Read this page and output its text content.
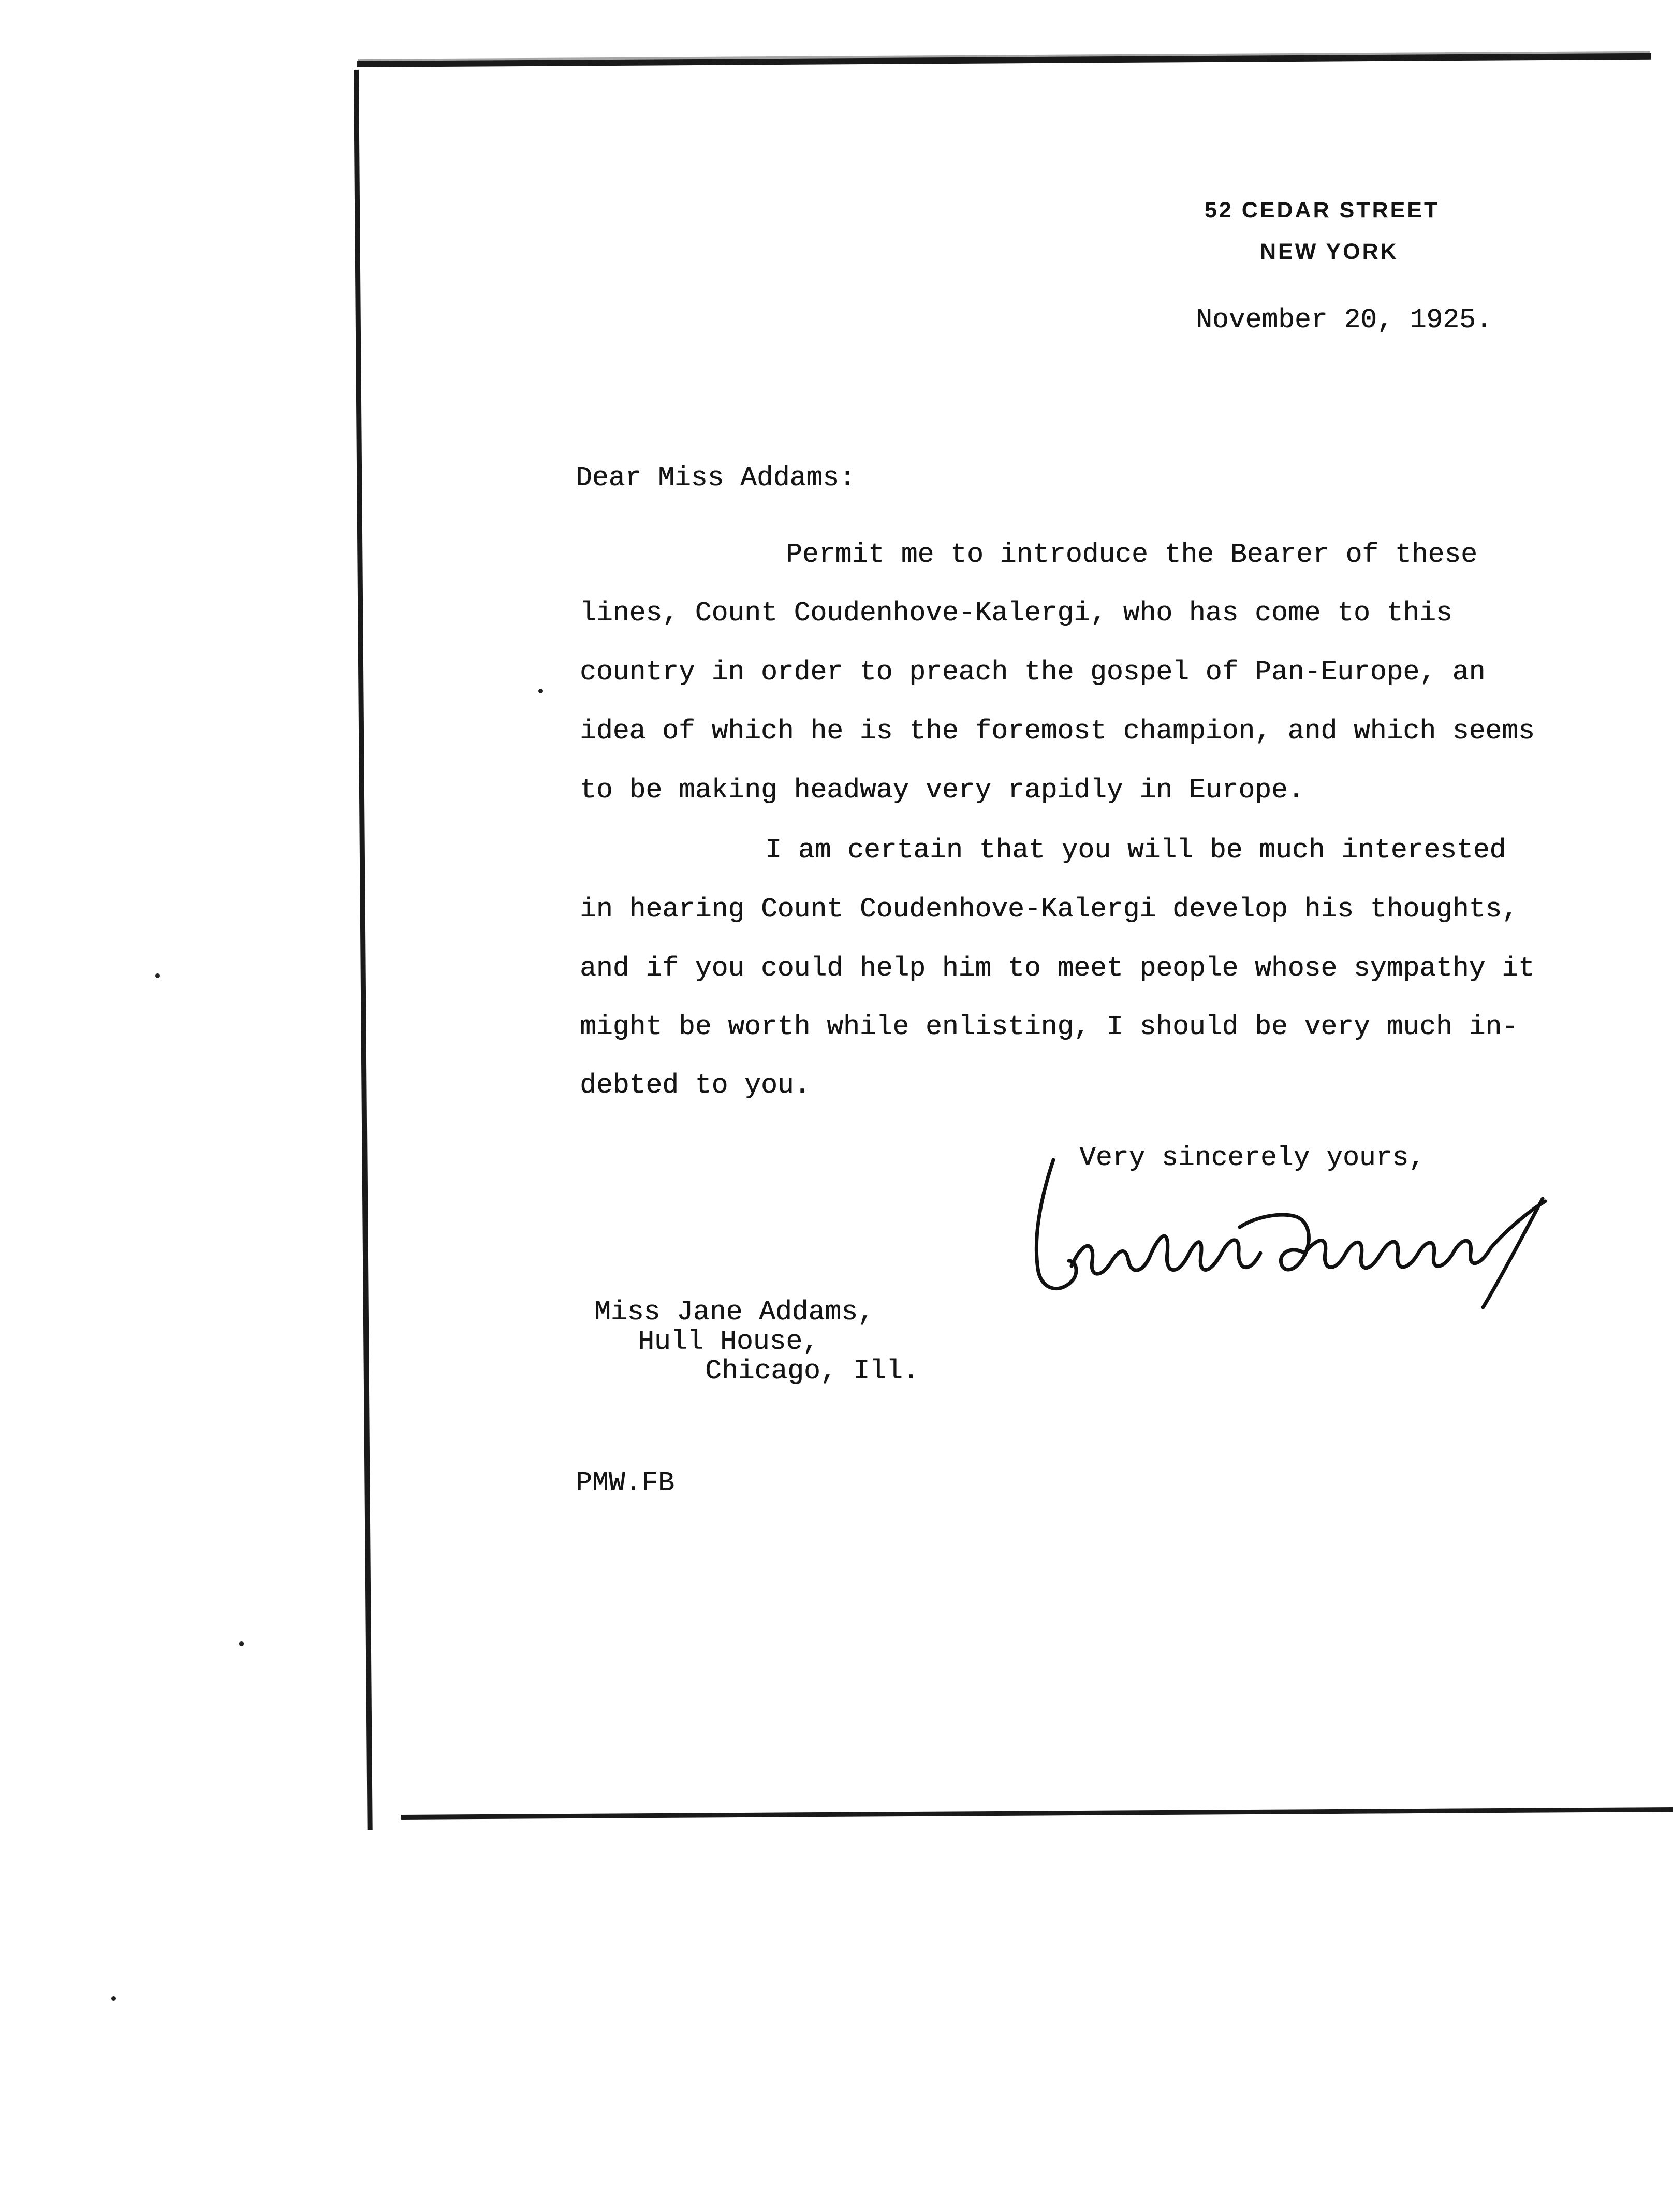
52 CEDAR STREET
NEW YORK
November 20, 1925.
Dear Miss Addams:
Permit me to introduce the Bearer of these
lines, Count Coudenhove-Kalergi, who has come to this
country in order to preach the gospel of Pan-Europe, an
idea of which he is the foremost champion, and which seems
to be making headway very rapidly in Europe.
I am certain that you will be much interested
in hearing Count Coudenhove-Kalergi develop his thoughts,
and if you could help him to meet people whose sympathy it
might be worth while enlisting, I should be very much in-
debted to you.
Very sincerely yours,
Miss Jane Addams,
Hull House,
Chicago, Ill.
PMW.FB
